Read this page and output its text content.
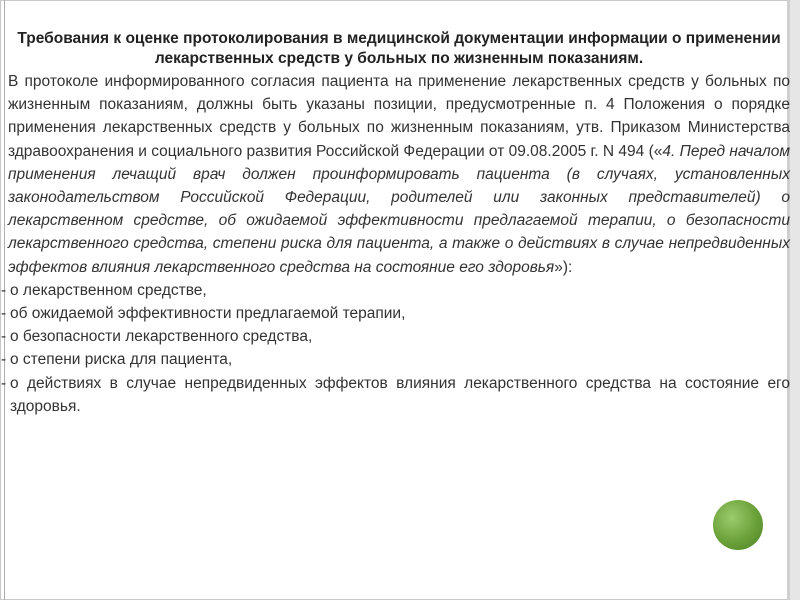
Требования к оценке протоколирования в медицинской документации информации о применении лекарственных средств у больных по жизненным показаниям.

В протоколе информированного согласия пациента на применение лекарственных средств у больных по жизненным показаниям, должны быть указаны позиции, предусмотренные п. 4 Положения о порядке применения лекарственных средств у больных по жизненным показаниям, утв. Приказом Министерства здравоохранения и социального развития Российской Федерации от 09.08.2005 г. N 494 («4. Перед началом применения лечащий врач должен проинформировать пациента (в случаях, установленных законодательством Российской Федерации, родителей или законных представителей) о лекарственном средстве, об ожидаемой эффективности предлагаемой терапии, о безопасности лекарственного средства, степени риска для пациента, а также о действиях в случае непредвиденных эффектов влияния лекарственного средства на состояние его здоровья»):

- о лекарственном средстве,
- об ожидаемой эффективности предлагаемой терапии,
- о безопасности лекарственного средства,
- о степени риска для пациента,
- о действиях в случае непредвиденных эффектов влияния лекарственного средства на состояние его здоровья.
